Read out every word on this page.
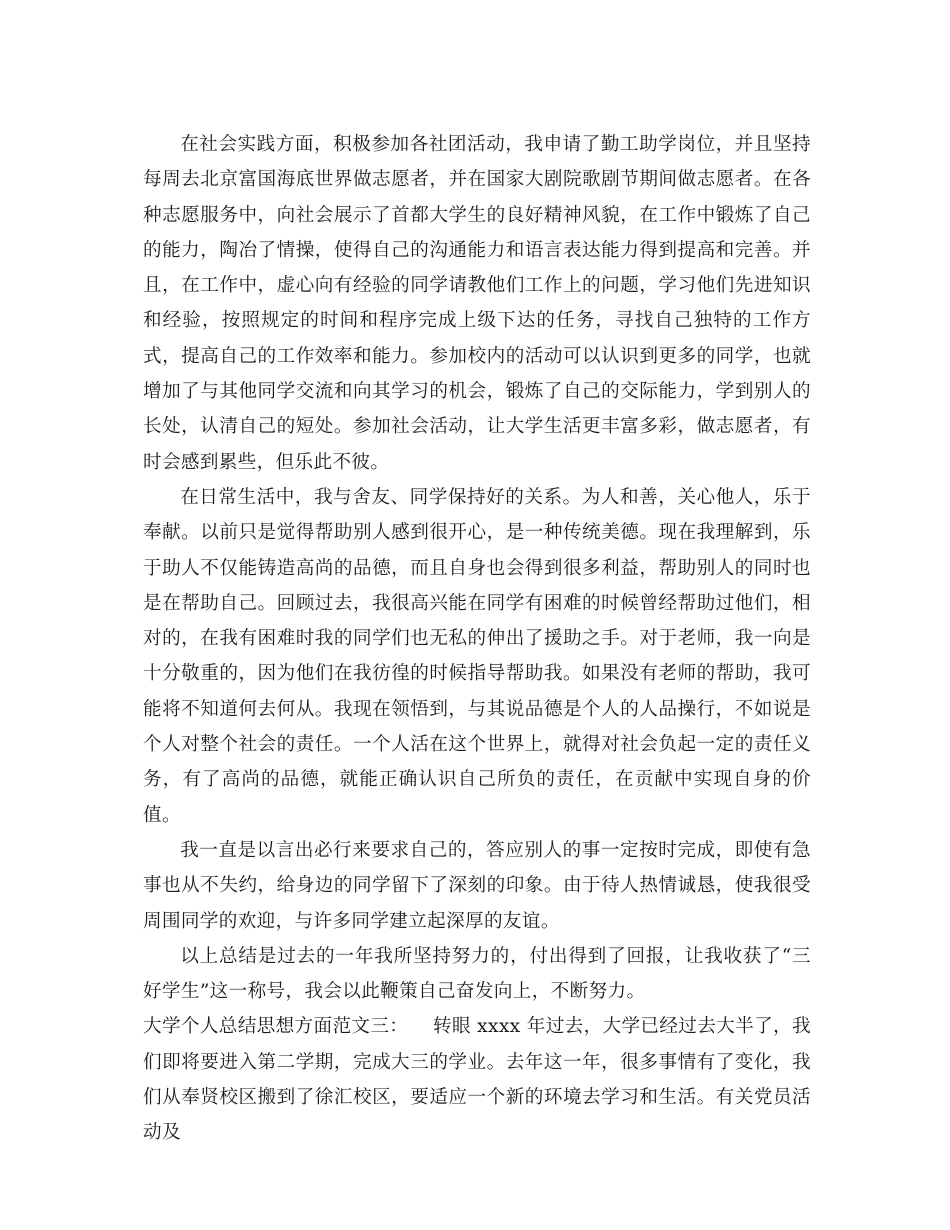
在社会实践方面，积极参加各社团活动，我申请了勤工助学岗位，并且坚持每周去北京富国海底世界做志愿者，并在国家大剧院歌剧节期间做志愿者。在各种志愿服务中，向社会展示了首都大学生的良好精神风貌，在工作中锻炼了自己的能力，陶冶了情操，使得自己的沟通能力和语言表达能力得到提高和完善。并且，在工作中，虚心向有经验的同学请教他们工作上的问题，学习他们先进知识和经验，按照规定的时间和程序完成上级下达的任务，寻找自己独特的工作方式，提高自己的工作效率和能力。参加校内的活动可以认识到更多的同学，也就增加了与其他同学交流和向其学习的机会，锻炼了自己的交际能力，学到别人的长处，认清自己的短处。参加社会活动，让大学生活更丰富多彩，做志愿者，有时会感到累些，但乐此不彼。

在日常生活中，我与舍友、同学保持好的关系。为人和善，关心他人，乐于奉献。以前只是觉得帮助别人感到很开心，是一种传统美德。现在我理解到，乐于助人不仅能铸造高尚的品德，而且自身也会得到很多利益，帮助别人的同时也是在帮助自己。回顾过去，我很高兴能在同学有困难的时候曾经帮助过他们，相对的，在我有困难时我的同学们也无私的伸出了援助之手。对于老师，我一向是十分敬重的，因为他们在我彷徨的时候指导帮助我。如果没有老师的帮助，我可能将不知道何去何从。我现在领悟到，与其说品德是个人的人品操行，不如说是个人对整个社会的责任。一个人活在这个世界上，就得对社会负起一定的责任义务，有了高尚的品德，就能正确认识自己所负的责任，在贡献中实现自身的价值。

我一直是以言出必行来要求自己的，答应别人的事一定按时完成，即使有急事也从不失约，给身边的同学留下了深刻的印象。由于待人热情诚恳，使我很受周围同学的欢迎，与许多同学建立起深厚的友谊。

以上总结是过去的一年我所坚持努力的，付出得到了回报，让我收获了“三好学生”这一称号，我会以此鞭策自己奋发向上，不断努力。

大学个人总结思想方面范文三： 转眼 xxxx 年过去，大学已经过去大半了，我

们即将要进入第二学期，完成大三的学业。去年这一年，很多事情有了变化，我们从奉贤校区搬到了徐汇校区，要适应一个新的环境去学习和生活。有关党员活动及
